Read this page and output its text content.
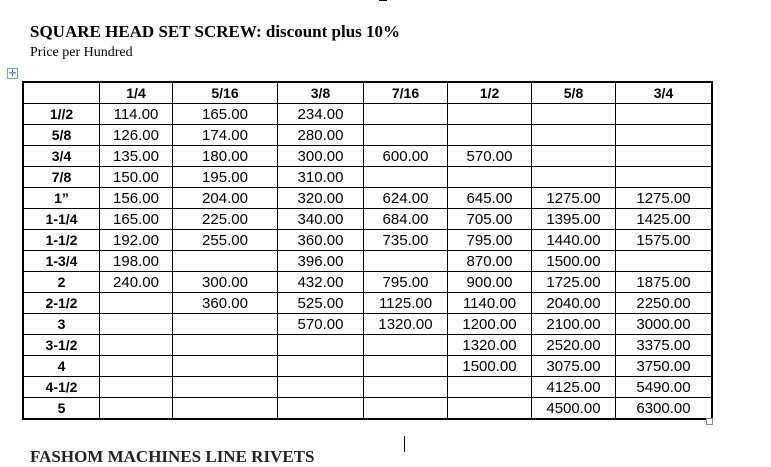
SQUARE HEAD SET SCREW: discount plus 10%
Price per Hundred
✛
	1/4	5/16	3/8	7/16	1/2	5/8	3/4
1//2	114.00	165.00	234.00				
5/8	126.00	174.00	280.00				
3/4	135.00	180.00	300.00	600.00	570.00		
7/8	150.00	195.00	310.00				
1”	156.00	204.00	320.00	624.00	645.00	1275.00	1275.00
1-1/4	165.00	225.00	340.00	684.00	705.00	1395.00	1425.00
1-1/2	192.00	255.00	360.00	735.00	795.00	1440.00	1575.00
1-3/4	198.00		396.00		870.00	1500.00	
2	240.00	300.00	432.00	795.00	900.00	1725.00	1875.00
2-1/2		360.00	525.00	1125.00	1140.00	2040.00	2250.00
3			570.00	1320.00	1200.00	2100.00	3000.00
3-1/2					1320.00	2520.00	3375.00
4					1500.00	3075.00	3750.00
4-1/2						4125.00	5490.00
5						4500.00	6300.00
FASHOM MACHINES LINE RIVETS
